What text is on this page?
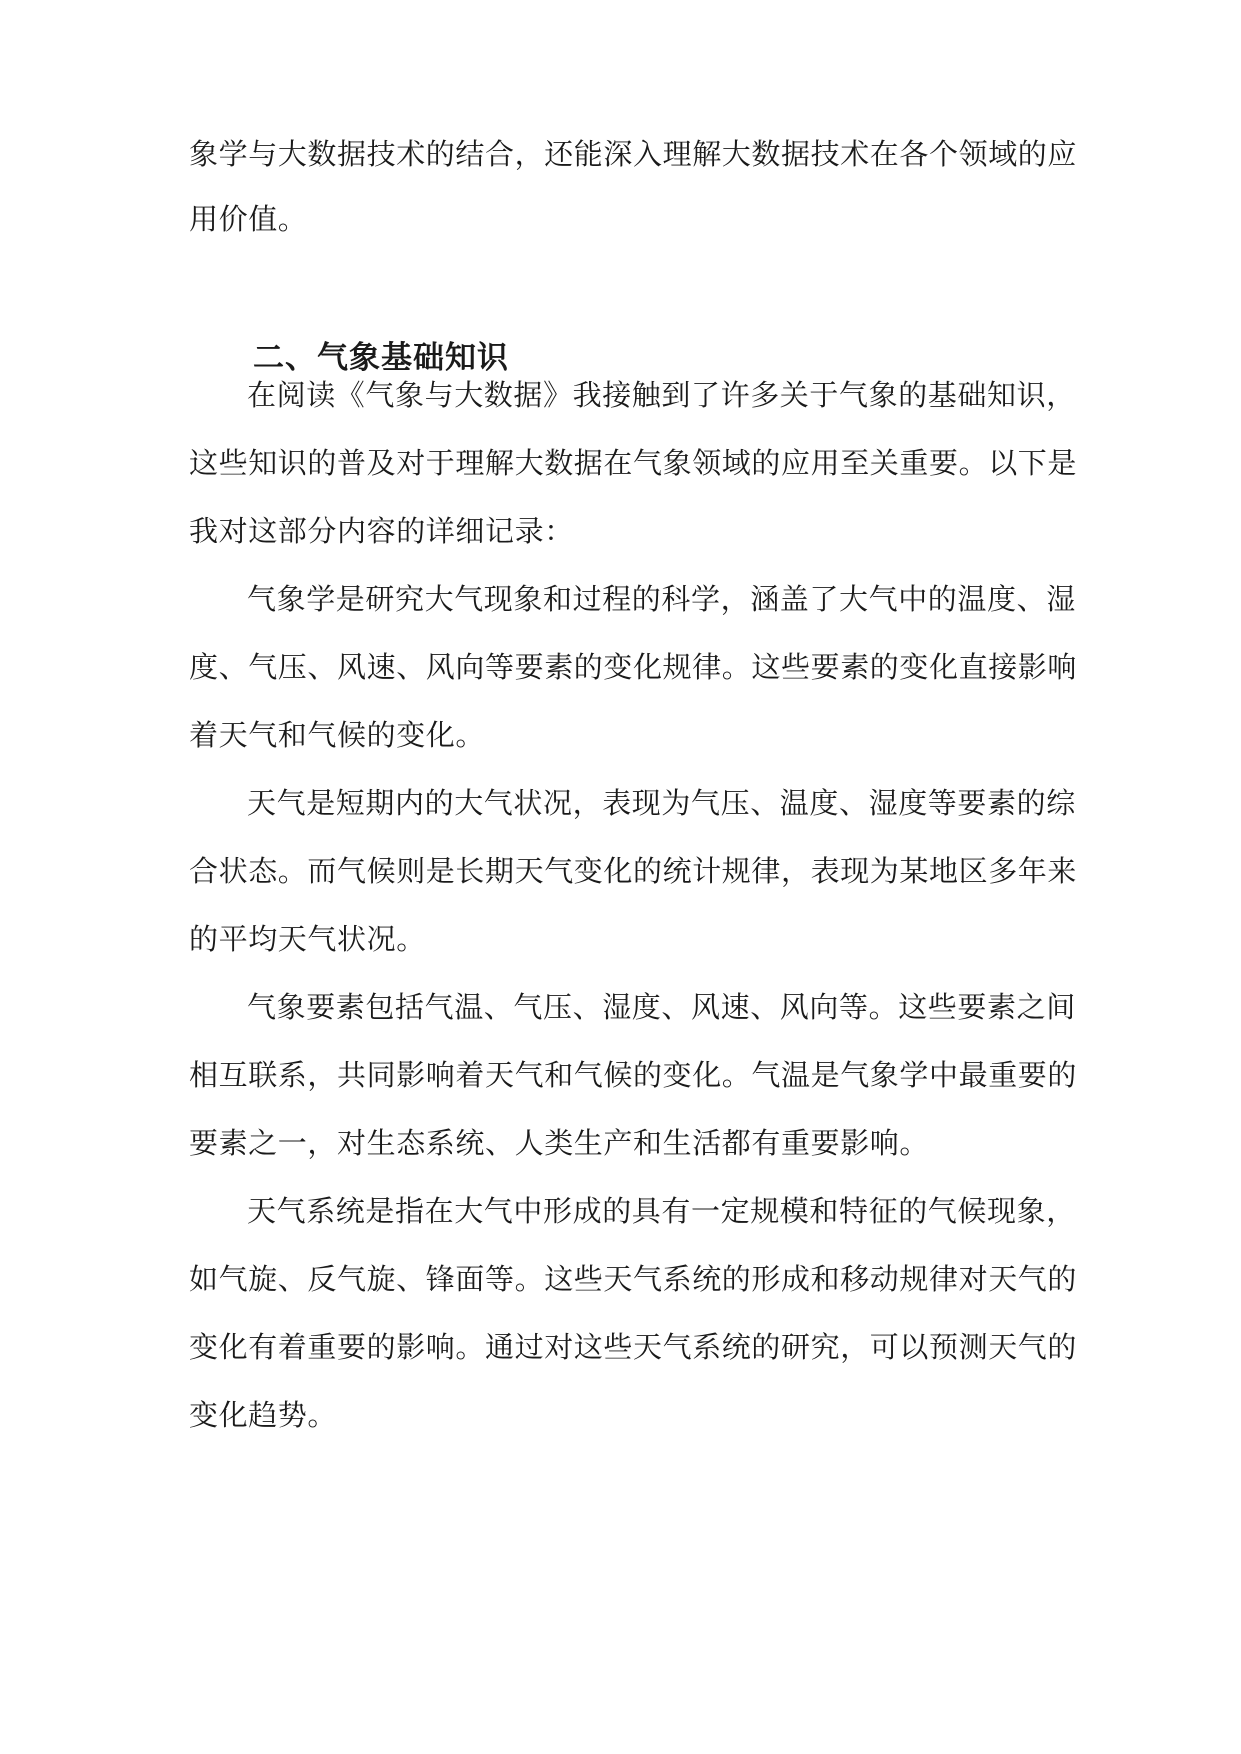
象学与大数据技术的结合，还能深入理解大数据技术在各个领域的应
用价值。
二、气象基础知识
在阅读《气象与大数据》我接触到了许多关于气象的基础知识，
这些知识的普及对于理解大数据在气象领域的应用至关重要。以下是
我对这部分内容的详细记录：
气象学是研究大气现象和过程的科学，涵盖了大气中的温度、湿
度、气压、风速、风向等要素的变化规律。这些要素的变化直接影响
着天气和气候的变化。
天气是短期内的大气状况，表现为气压、温度、湿度等要素的综
合状态。而气候则是长期天气变化的统计规律，表现为某地区多年来
的平均天气状况。
气象要素包括气温、气压、湿度、风速、风向等。这些要素之间
相互联系，共同影响着天气和气候的变化。气温是气象学中最重要的
要素之一，对生态系统、人类生产和生活都有重要影响。
天气系统是指在大气中形成的具有一定规模和特征的气候现象，
如气旋、反气旋、锋面等。这些天气系统的形成和移动规律对天气的
变化有着重要的影响。通过对这些天气系统的研究，可以预测天气的
变化趋势。
